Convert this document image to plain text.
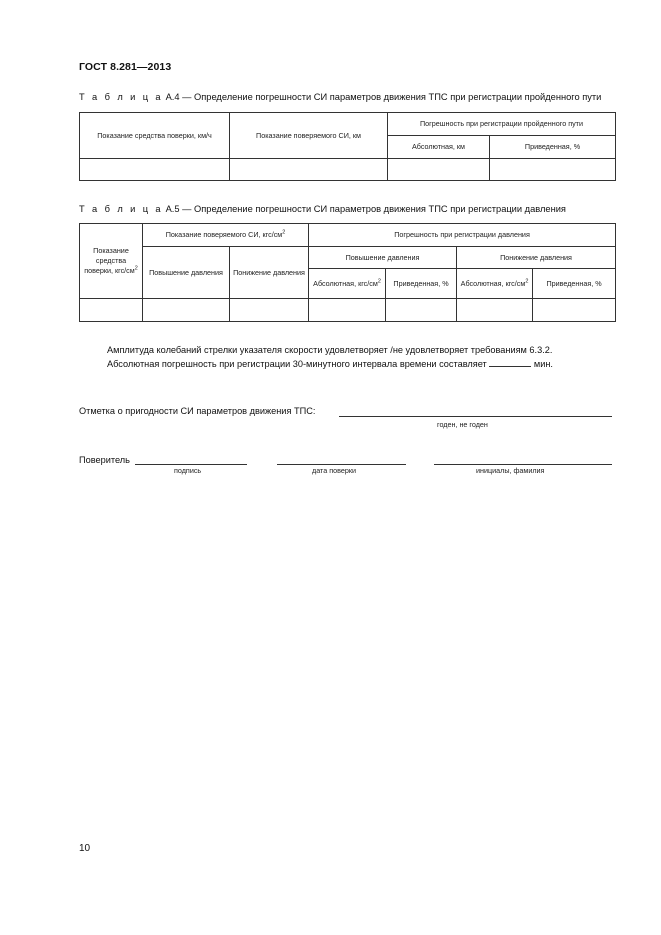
ГОСТ 8.281—2013
Т а б л и ц а А.4 — Определение погрешности СИ параметров движения ТПС при регистрации пройденного пути
Показание средства поверки, км/ч	Показание поверяемого СИ, км	Погрешность при регистрации пройденного пути	
		Абсолютная, км	Приведенная, %

Т а б л и ц а А.5 — Определение погрешности СИ параметров движения ТПС при регистрации давления
Показание средства поверки, кгс/$см^2$	Показание поверяемого СИ, кгс/$см^2$		Погрешность при регистрации давления			
	Повышение давления	Понижение давления	Повышение давления		Понижение давления	
			Абсолютная, кгс/$см^2$	Приведенная, %	Абсолютная, кгс/$см^2$	Приведенная, %

Амплитуда колебаний стрелки указателя скорости удовлетворяет /не удовлетворяет требованиям 6.3.2.
Абсолютная погрешность при регистрации 30-минутного интервала времени составляет	мин.
Отметка о пригодности СИ параметров движения ТПС:
годен, не годен
Поверитель
подпись	дата поверки	инициалы, фамилия
10
